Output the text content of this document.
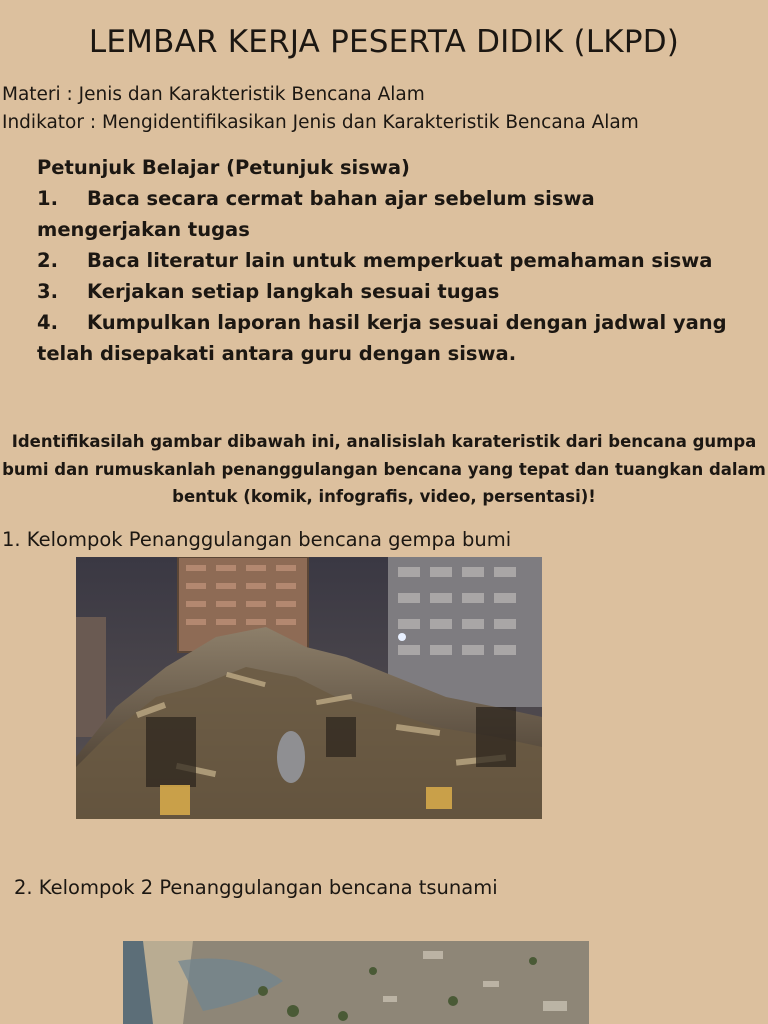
LEMBAR KERJA PESERTA DIDIK (LKPD)
Materi : Jenis dan Karakteristik Bencana Alam
Indikator : Mengidentifikasikan Jenis dan Karakteristik Bencana Alam
Petunjuk Belajar (Petunjuk siswa)
1. Baca secara cermat bahan ajar sebelum siswa mengerjakan tugas
2. Baca literatur lain untuk memperkuat pemahaman siswa
3. Kerjakan setiap langkah sesuai tugas
4. Kumpulkan laporan hasil kerja sesuai dengan jadwal yang telah disepakati antara guru dengan siswa.

Identifikasilah gambar dibawah ini, analisislah karateristik dari bencana gumpa bumi dan rumuskanlah penanggulangan bencana yang tepat dan tuangkan dalam bentuk (komik, infografis, video, persentasi)!

1. Kelompok Penanggulangan bencana gempa bumi
2. Kelompok 2 Penanggulangan bencana tsunami
